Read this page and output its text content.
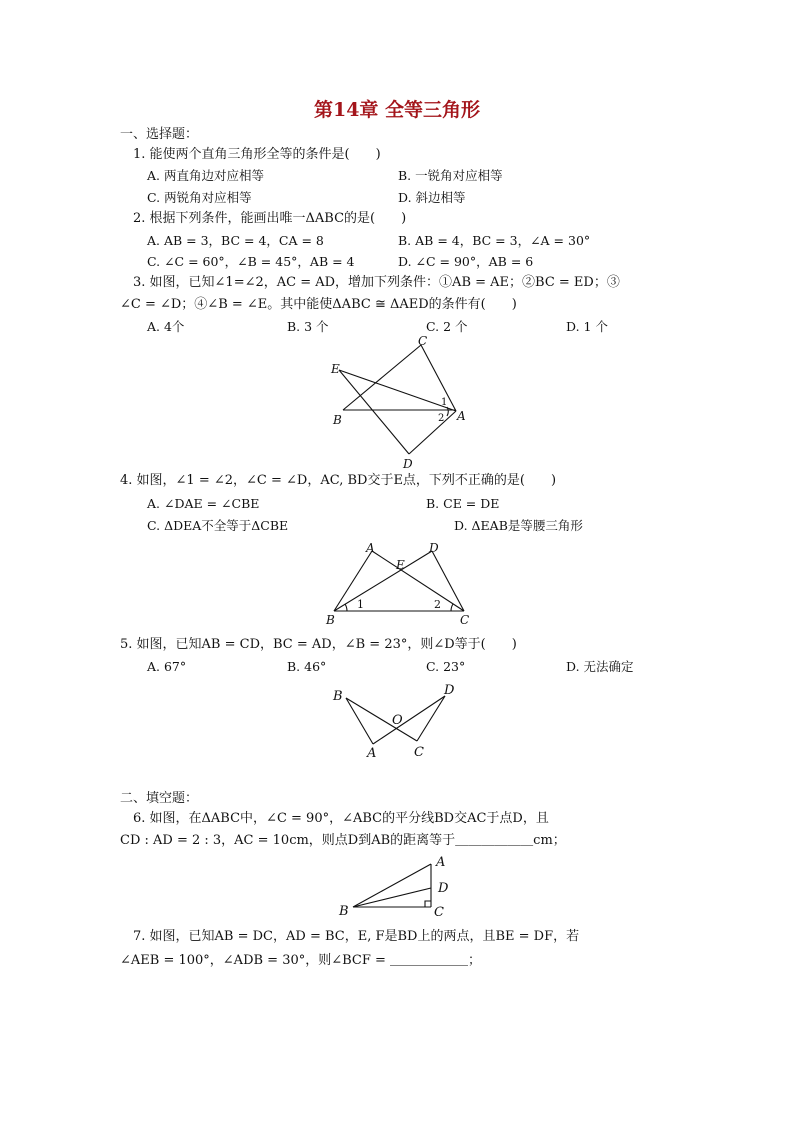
第14章 全等三角形
一、选择题：
1. 能使两个直角三角形全等的条件是(　　)
A. 两直角边对应相等	B. 一锐角对应相等
C. 两锐角对应相等	D. 斜边相等
2. 根据下列条件，能画出唯一ΔABC的是(　　)
A. AB = 3，BC = 4，CA = 8	B. AB = 4，BC = 3，∠A = 30°
C. ∠C = 60°，∠B = 45°，AB = 4	D. ∠C = 90°，AB = 6
3. 如图，已知∠1=∠2，AC = AD，增加下列条件：①AB = AE；②BC = ED；③
∠C = ∠D；④∠B = ∠E。其中能使ΔABC ≅ ΔAED的条件有(　　)
A. 4个	B. 3 个	C. 2 个	D. 1 个
C
E
B	A
D
1
2
4. 如图，∠1 = ∠2，∠C = ∠D，AC, BD交于E点，下列不正确的是(　　)
A. ∠DAE = ∠CBE	B. CE = DE
C. ΔDEA不全等于ΔCBE	D. ΔEAB是等腰三角形
A	D
E
B	C
1	2
5. 如图，已知AB = CD，BC = AD，∠B = 23°，则∠D等于(　　)
A. 67°	B. 46°	C. 23°	D. 无法确定
B	D
O
A	C
二、填空题：
6. 如图，在ΔABC中，∠C = 90°，∠ABC的平分线BD交AC于点D，且
CD : AD = 2 : 3，AC = 10cm，则点D到AB的距离等于＿＿＿＿＿＿cm；
A
D
B	C
7. 如图，已知AB = DC，AD = BC，E, F是BD上的两点，且BE = DF，若
∠AEB = 100°，∠ADB = 30°，则∠BCF = ＿＿＿＿＿＿；
